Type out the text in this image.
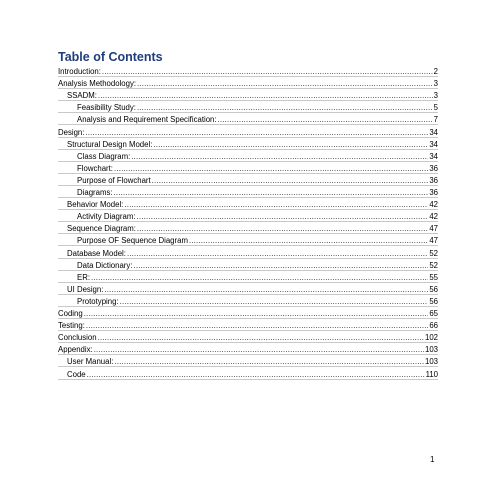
Table of Contents
Introduction: .....	2
Analysis Methodology: .....	3
SSADM: .....	3
Feasibility Study: .....	5
Analysis and Requirement Specification: .....	7
Design: .....	34
Structural Design Model: .....	34
Class Diagram: .....	34
Flowchart: .....	36
Purpose of Flowchart .....	36
Diagrams: .....	36
Behavior Model: .....	42
Activity Diagram: .....	42
Sequence Diagram: .....	47
Purpose OF Sequence Diagram .....	47
Database Model: .....	52
Data Dictionary: .....	52
ER: .....	55
UI Design: .....	56
Prototyping: .....	56
Coding .....	65
Testing: .....	66
Conclusion .....	102
Appendix: .....	103
User Manual: .....	103
Code .....	110
1
